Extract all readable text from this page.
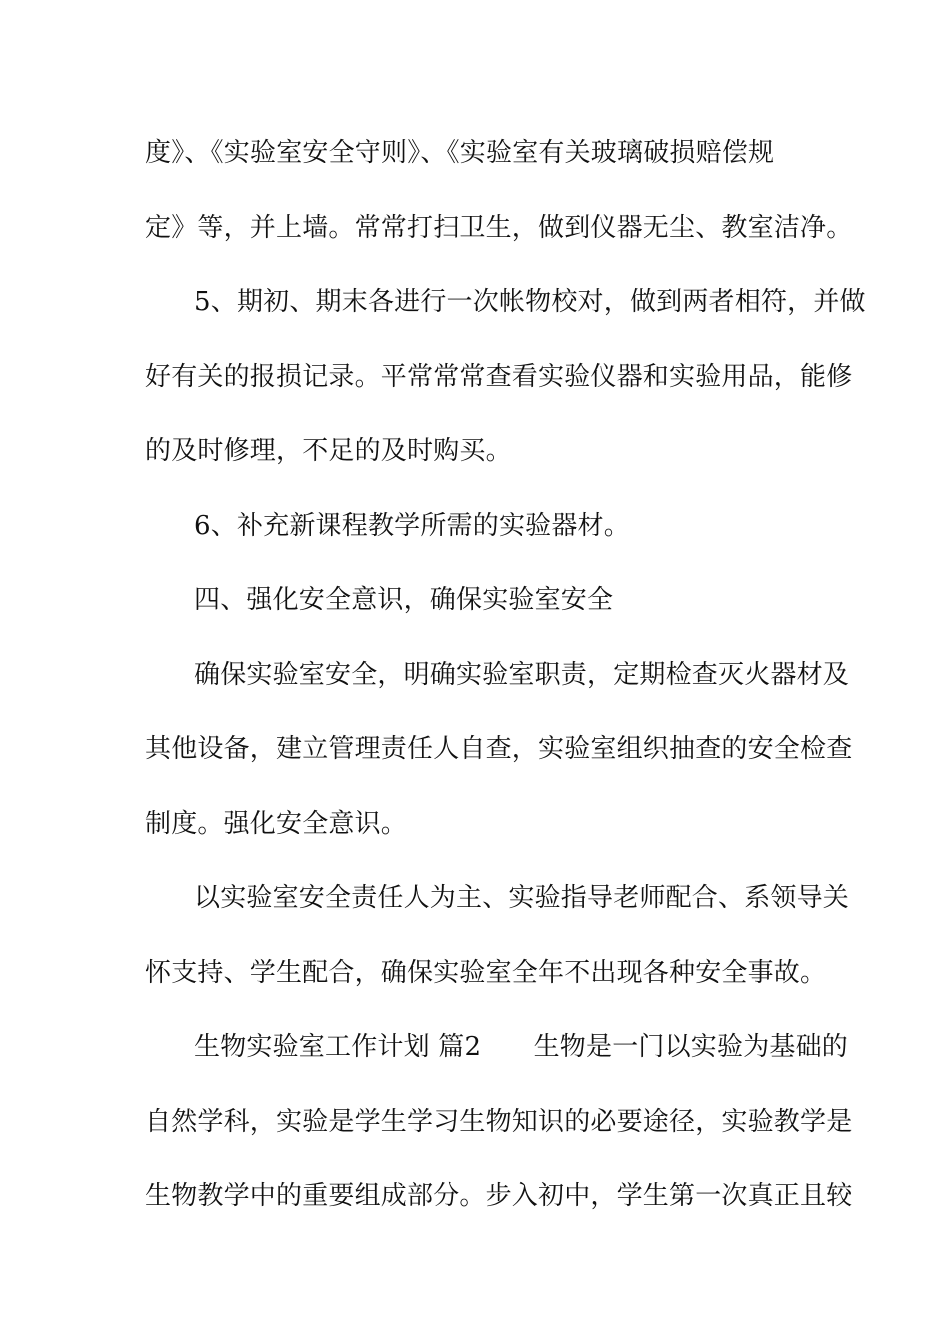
度》、《实验室安全守则》、《实验室有关玻璃破损赔偿规
定》等，并上墙。常常打扫卫生，做到仪器无尘、教室洁净。
5、期初、期末各进行一次帐物校对，做到两者相符，并做
好有关的报损记录。平常常常查看实验仪器和实验用品，能修
的及时修理，不足的及时购买。
6、补充新课程教学所需的实验器材。
四、强化安全意识，确保实验室安全
确保实验室安全，明确实验室职责，定期检查灭火器材及
其他设备，建立管理责任人自查，实验室组织抽查的安全检查
制度。强化安全意识。
以实验室安全责任人为主、实验指导老师配合、系领导关
怀支持、学生配合，确保实验室全年不出现各种安全事故。
生物实验室工作计划 篇2　　生物是一门以实验为基础的
自然学科，实验是学生学习生物知识的必要途径，实验教学是
生物教学中的重要组成部分。步入初中，学生第一次真正且较
